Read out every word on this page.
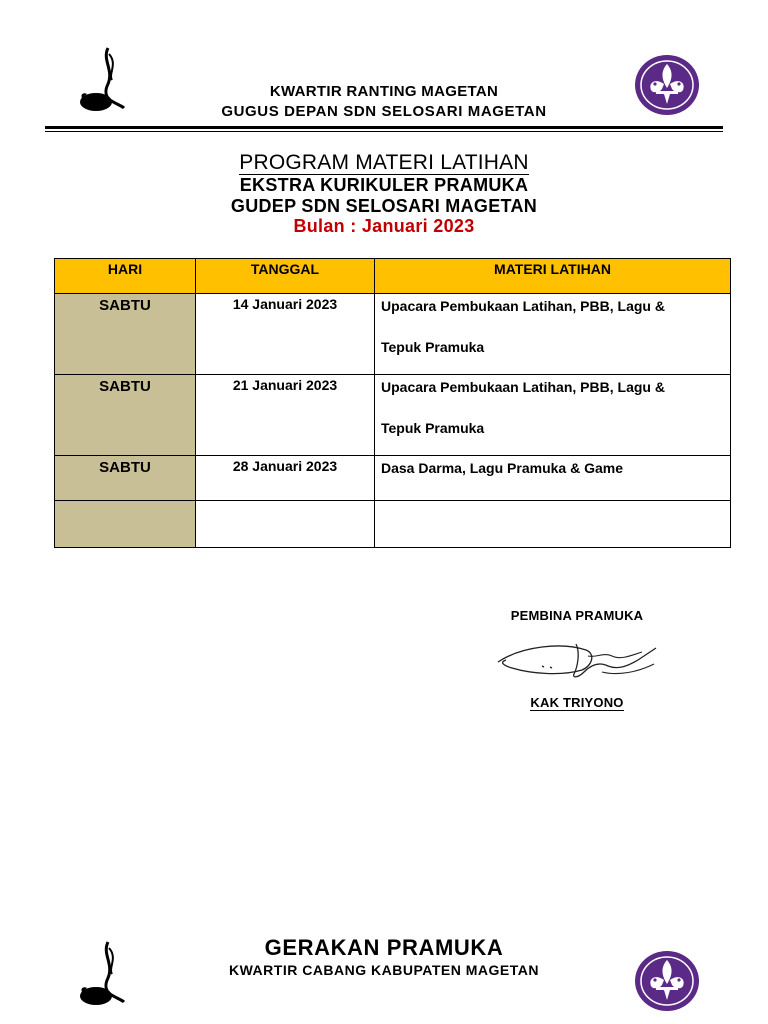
KWARTIR RANTING MAGETAN
GUGUS DEPAN SDN SELOSARI MAGETAN
PROGRAM MATERI LATIHAN
EKSTRA KURIKULER PRAMUKA
GUDEP SDN SELOSARI MAGETAN
Bulan : Januari 2023
HARI	TANGGAL	MATERI LATIHAN
SABTU	14 Januari 2023	Upacara Pembukaan Latihan, PBB, Lagu &
Tepuk Pramuka

SABTU	21 Januari 2023	Upacara Pembukaan Latihan, PBB, Lagu &
Tepuk Pramuka

SABTU	28 Januari 2023	Dasa Darma, Lagu Pramuka & Game

PEMBINA PRAMUKA
KAK TRIYONO
GERAKAN PRAMUKA
KWARTIR CABANG KABUPATEN MAGETAN
